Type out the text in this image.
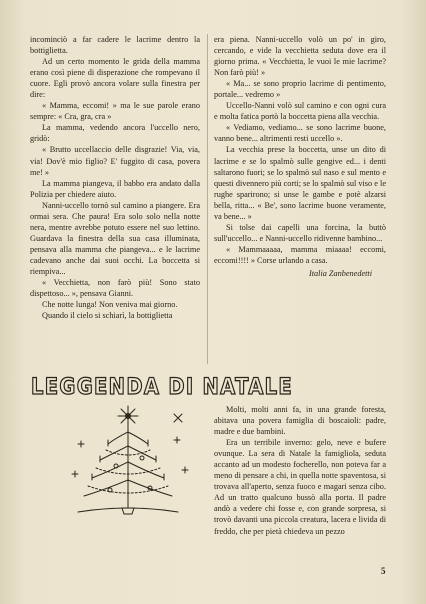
incominciò a far cadere le lacrime dentro la bottiglietta.

Ad un certo momento le grida della mamma erano così piene di disperazione che rompevano il cuore. Egli provò ancora volare sulla finestra per dire:

« Mamma, eccomi! » ma le sue parole erano sempre: « Cra, gra, cra »

La mamma, vedendo ancora l'uccello nero, gridò:

« Brutto uccellaccio delle disgrazie! Via, via, via! Dov'è mio figlio? E' fuggito di casa, povera me! »

La mamma piangeva, il babbo era andato dalla Polizia per chiedere aiuto.

Nanni-uccello tornò sul camino a piangere. Era ormai sera. Che paura! Era solo solo nella notte nera, mentre avrebbe potuto essere nel suo lettino. Guardava la finestra della sua casa illuminata, pensava alla mamma che piangeva... e le lacrime cadevano anche dai suoi occhi. La boccetta si riempiva...

« Vecchietta, non farò più! Sono stato dispettoso... », pensava Gianni.

Che notte lunga! Non veniva mai giorno.

Quando il cielo si schiarì, la bottiglietta

era piena. Nanni-uccello volò un po' in giro, cercando, e vide la vecchietta seduta dove era il giorno prima. « Vecchietta, le vuoi le mie lacrime? Non farò più! »

« Ma... se sono proprio lacrime di pentimento, portale... vedremo »

Uccello-Nanni volò sul camino e con ogni cura e molta fatica portò la boccetta piena alla vecchia.

« Vediamo, vediamo... se sono lacrime buone, vanno bene... altrimenti resti uccello ».

La vecchia prese la boccetta, unse un dito di lacrime e se lo spalmò sulle gengive ed... i denti saltarono fuori; se lo spalmò sul naso e sul mento e questi divennero più corti; se lo spalmò sul viso e le rughe sparirono; si unse le gambe e potè alzarsi bella, ritta... « Be', sono lacrime buone veramente, va bene... »

Si tolse dai capelli una forcina, la buttò sull'uccello... e Nanni-uccello ridivenne bambino...

« Mammaaaaa, mamma miaaaa! eccomi, eccomi!!!! » Corse urlando a casa.

Italia Zanbenedetti

LEGGENDA DI NATALE

Molti, molti anni fa, in una grande foresta, abitava una povera famiglia di boscaioli: padre, madre e due bambini.

Era un terribile inverno: gelo, neve e bufere ovunque. La sera di Natale la famigliola, seduta accanto ad un modesto focherello, non poteva far a meno di pensare a chi, in quella notte spaventosa, si trovava all'aperto, senza fuoco e magari senza cibo. Ad un tratto qualcuno bussò alla porta. Il padre andò a vedere chi fosse e, con grande sorpresa, si trovò davanti una piccola creatura, lacera e livida di freddo, che per pietà chiedeva un pezzo

5
